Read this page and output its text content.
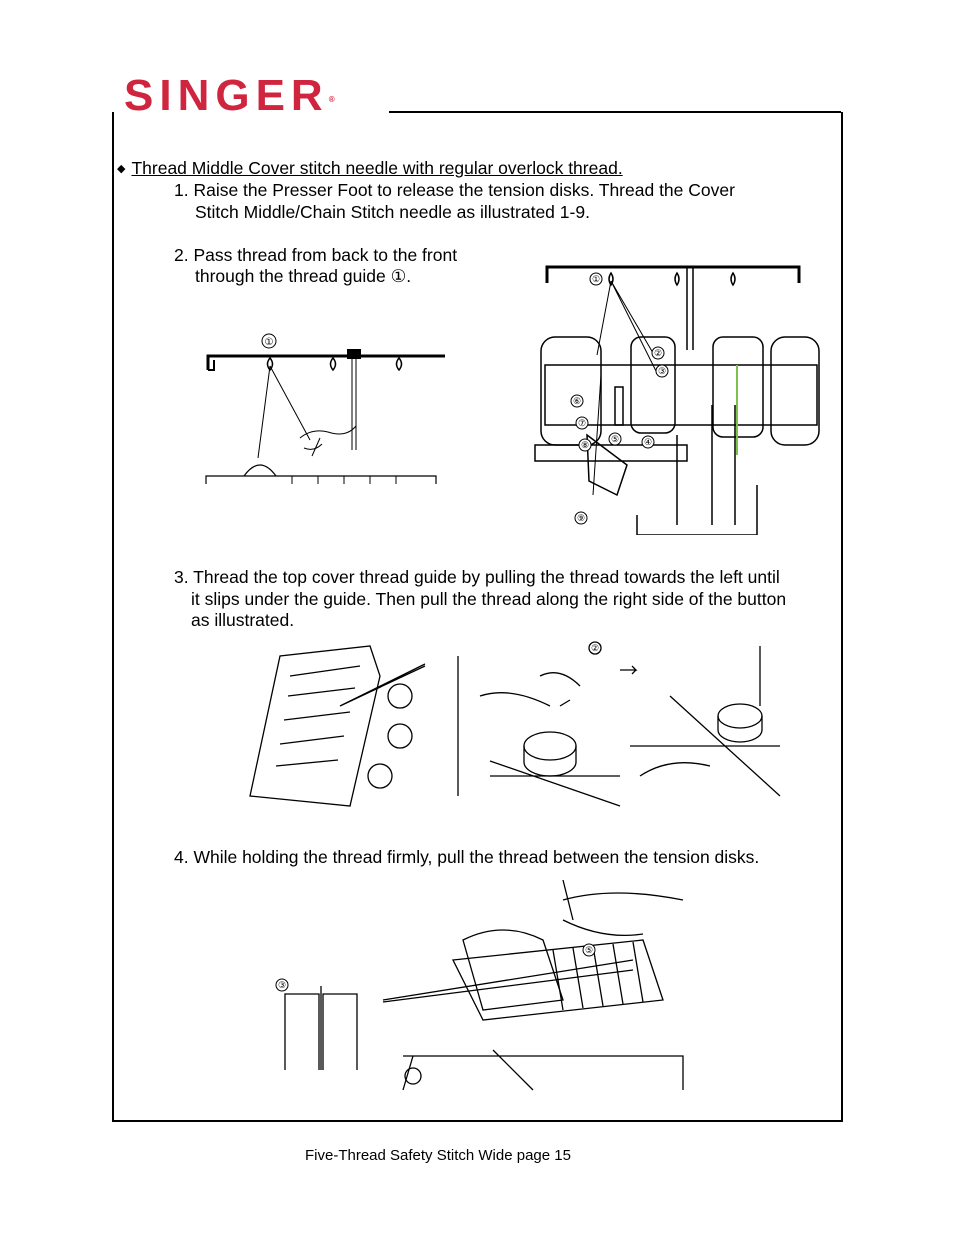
SINGER®
◆ Thread Middle Cover stitch needle with regular overlock thread.
1. Raise the Presser Foot to release the tension disks. Thread the Cover
Stitch Middle/Chain Stitch needle as illustrated 1-9.
2. Pass thread from back to the front
through the thread guide ①.
①
①
②
③
④
⑤
⑥
⑦
⑧
⑨
3. Thread the top cover thread guide by pulling the thread towards the left until
it slips under the guide. Then pull the thread along the right side of the button
as illustrated.
②
4. While holding the thread firmly, pull the thread between the tension disks.
③
⑤
Five-Thread Safety Stitch Wide page 15
